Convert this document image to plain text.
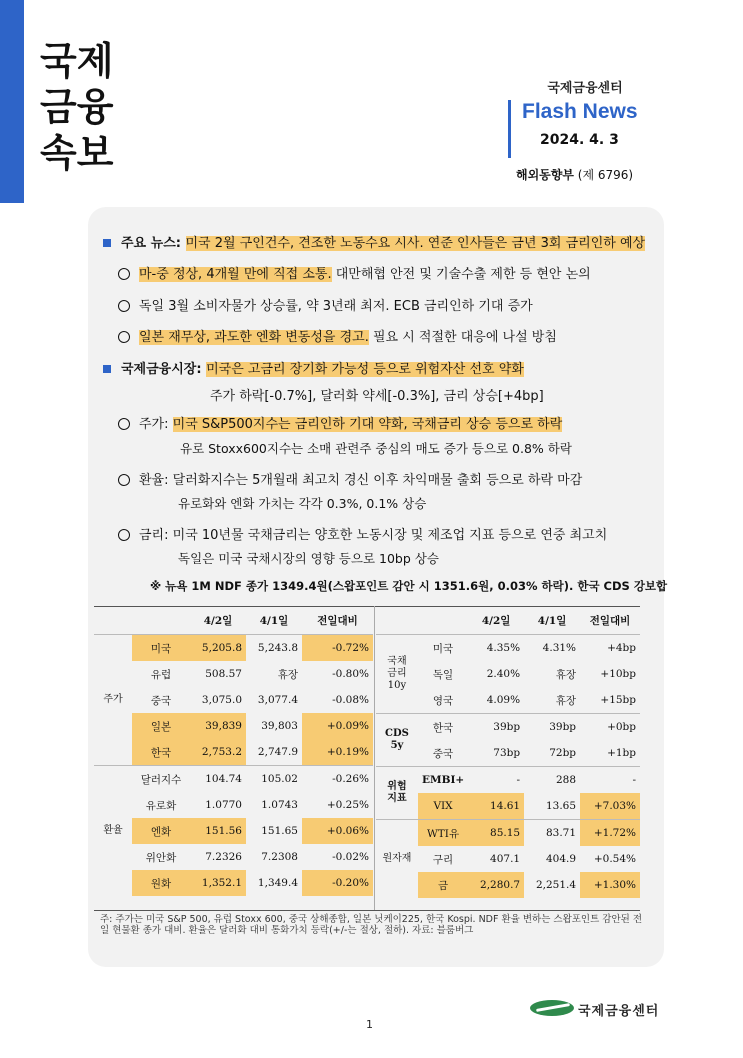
국제
금융
속보
국제금융센터
Flash News
2024. 4. 3
해외동향부 (제 6796)
주요 뉴스: 미국 2월 구인건수, 견조한 노동수요 시사. 연준 인사들은 금년 3회 금리인하 예상
마-중 정상, 4개월 만에 직접 소통. 대만해협 안전 및 기술수출 제한 등 현안 논의
독일 3월 소비자물가 상승률, 약 3년래 최저. ECB 금리인하 기대 증가
일본 재무상, 과도한 엔화 변동성을 경고. 필요 시 적절한 대응에 나설 방침
국제금융시장: 미국은 고금리 장기화 가능성 등으로 위험자산 선호 약화
주가 하락[-0.7%], 달러화 약세[-0.3%], 금리 상승[+4bp]
주가: 미국 S&P500지수는 금리인하 기대 약화, 국채금리 상승 등으로 하락
유로 Stoxx600지수는 소매 관련주 중심의 매도 증가 등으로 0.8% 하락
환율: 달러화지수는 5개월래 최고치 경신 이후 차익매물 출회 등으로 하락 마감
유로화와 엔화 가치는 각각 0.3%, 0.1% 상승
금리: 미국 10년물 국채금리는 양호한 노동시장 및 제조업 지표 등으로 연중 최고치
독일은 미국 국채시장의 영향 등으로 10bp 상승
※ 뉴욕 1M NDF 종가 1349.4원(스왑포인트 감안 시 1351.6원, 0.03% 하락). 한국 CDS 강보합
		4/2일	4/1일	전일대비
주가	미국	5,205.8	5,243.8	-0.72%
	유럽	508.57	휴장	-0.80%
	중국	3,075.0	3,077.4	-0.08%
	일본	39,839	39,803	+0.09%
	한국	2,753.2	2,747.9	+0.19%
환율	달러지수	104.74	105.02	-0.26%
	유로화	1.0770	1.0743	+0.25%
	엔화	151.56	151.65	+0.06%
	위안화	7.2326	7.2308	-0.02%
	원화	1,352.1	1,349.4	-0.20%
		4/2일	4/1일	전일대비
국채
금리
10y	미국	4.35%	4.31%	+4bp
	독일	2.40%	휴장	+10bp
	영국	4.09%	휴장	+15bp
CDS
5y	한국	39bp	39bp	+0bp
	중국	73bp	72bp	+1bp
위험
지표	EMBI+	-	288	-
	VIX	14.61	13.65	+7.03%
원자재	WTI유	85.15	83.71	+1.72%
	구리	407.1	404.9	+0.54%
	금	2,280.7	2,251.4	+1.30%
주: 주가는 미국 S&P 500, 유럽 Stoxx 600, 중국 상해종합, 일본 닛케이225, 한국 Kospi. NDF 환율 변하는 스왑포인트 감안된 전일 현물환 종가 대비. 환율은 달러화 대비 통화가치 등락(+/-는 절상, 절하). 자료: 블룸버그
1
국제금융센터
